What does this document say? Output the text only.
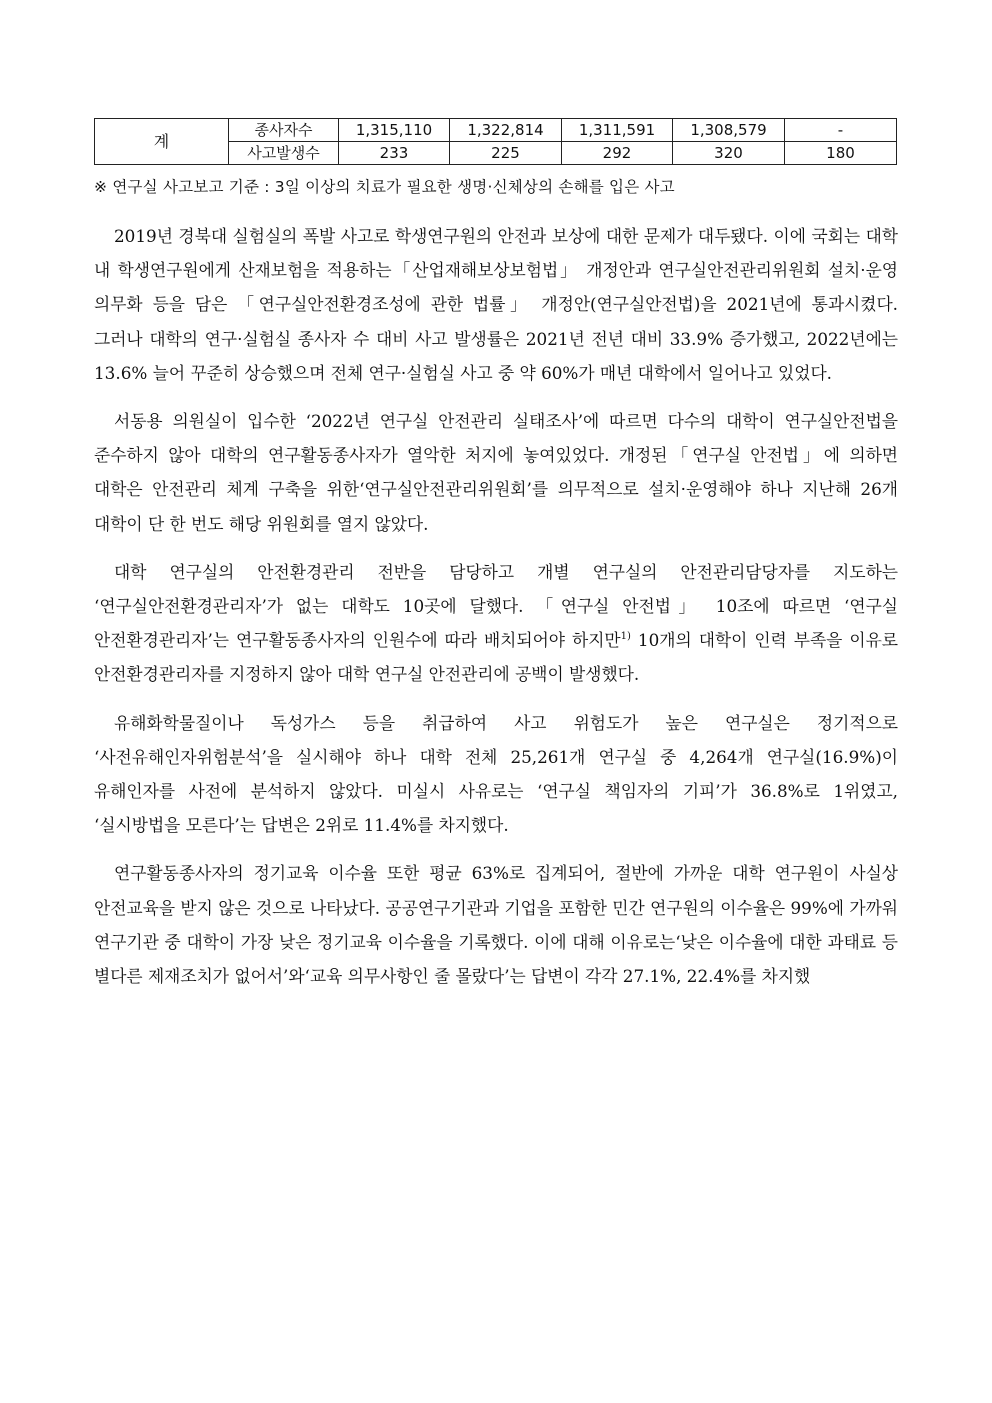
계	종사자수	1,315,110	1,322,814	1,311,591	1,308,579	-
	사고발생수	233	225	292	320	180
※ 연구실 사고보고 기준 : 3일 이상의 치료가 필요한 생명·신체상의 손해를 입은 사고

2019년 경북대 실험실의 폭발 사고로 학생연구원의 안전과 보상에 대한 문제가 대두됐다. 이에 국회는 대학 내 학생연구원에게 산재보험을 적용하는「산업재해보상보험법」 개정안과 연구실안전관리위원회 설치·운영 의무화 등을 담은 「연구실안전환경조성에 관한 법률」 개정안(연구실안전법)을 2021년에 통과시켰다. 그러나 대학의 연구·실험실 종사자 수 대비 사고 발생률은 2021년 전년 대비 33.9% 증가했고, 2022년에는 13.6% 늘어 꾸준히 상승했으며 전체 연구·실험실 사고 중 약 60%가 매년 대학에서 일어나고 있었다.

서동용 의원실이 입수한 ‘2022년 연구실 안전관리 실태조사’에 따르면 다수의 대학이 연구실안전법을 준수하지 않아 대학의 연구활동종사자가 열악한 처지에 놓여있었다. 개정된「연구실 안전법」에 의하면 대학은 안전관리 체계 구축을 위한‘연구실안전관리위원회’를 의무적으로 설치·운영해야 하나 지난해 26개 대학이 단 한 번도 해당 위원회를 열지 않았다.

대학 연구실의 안전환경관리 전반을 담당하고 개별 연구실의 안전관리담당자를 지도하는 ‘연구실안전환경관리자’가 없는 대학도 10곳에 달했다. 「연구실 안전법」 10조에 따르면 ‘연구실 안전환경관리자’는 연구활동종사자의 인원수에 따라 배치되어야 하지만$^{1)}$ 10개의 대학이 인력 부족을 이유로 안전환경관리자를 지정하지 않아 대학 연구실 안전관리에 공백이 발생했다.

유해화학물질이나 독성가스 등을 취급하여 사고 위험도가 높은 연구실은 정기적으로 ‘사전유해인자위험분석’을 실시해야 하나 대학 전체 25,261개 연구실 중 4,264개 연구실(16.9%)이 유해인자를 사전에 분석하지 않았다. 미실시 사유로는 ‘연구실 책임자의 기피’가 36.8%로 1위였고, ‘실시방법을 모른다’는 답변은 2위로 11.4%를 차지했다.

연구활동종사자의 정기교육 이수율 또한 평균 63%로 집계되어, 절반에 가까운 대학 연구원이 사실상 안전교육을 받지 않은 것으로 나타났다. 공공연구기관과 기업을 포함한 민간 연구원의 이수율은 99%에 가까워 연구기관 중 대학이 가장 낮은 정기교육 이수율을 기록했다. 이에 대해 이유로는‘낮은 이수율에 대한 과태료 등 별다른 제재조치가 없어서’와‘교육 의무사항인 줄 몰랐다’는 답변이 각각 27.1%, 22.4%를 차지했
